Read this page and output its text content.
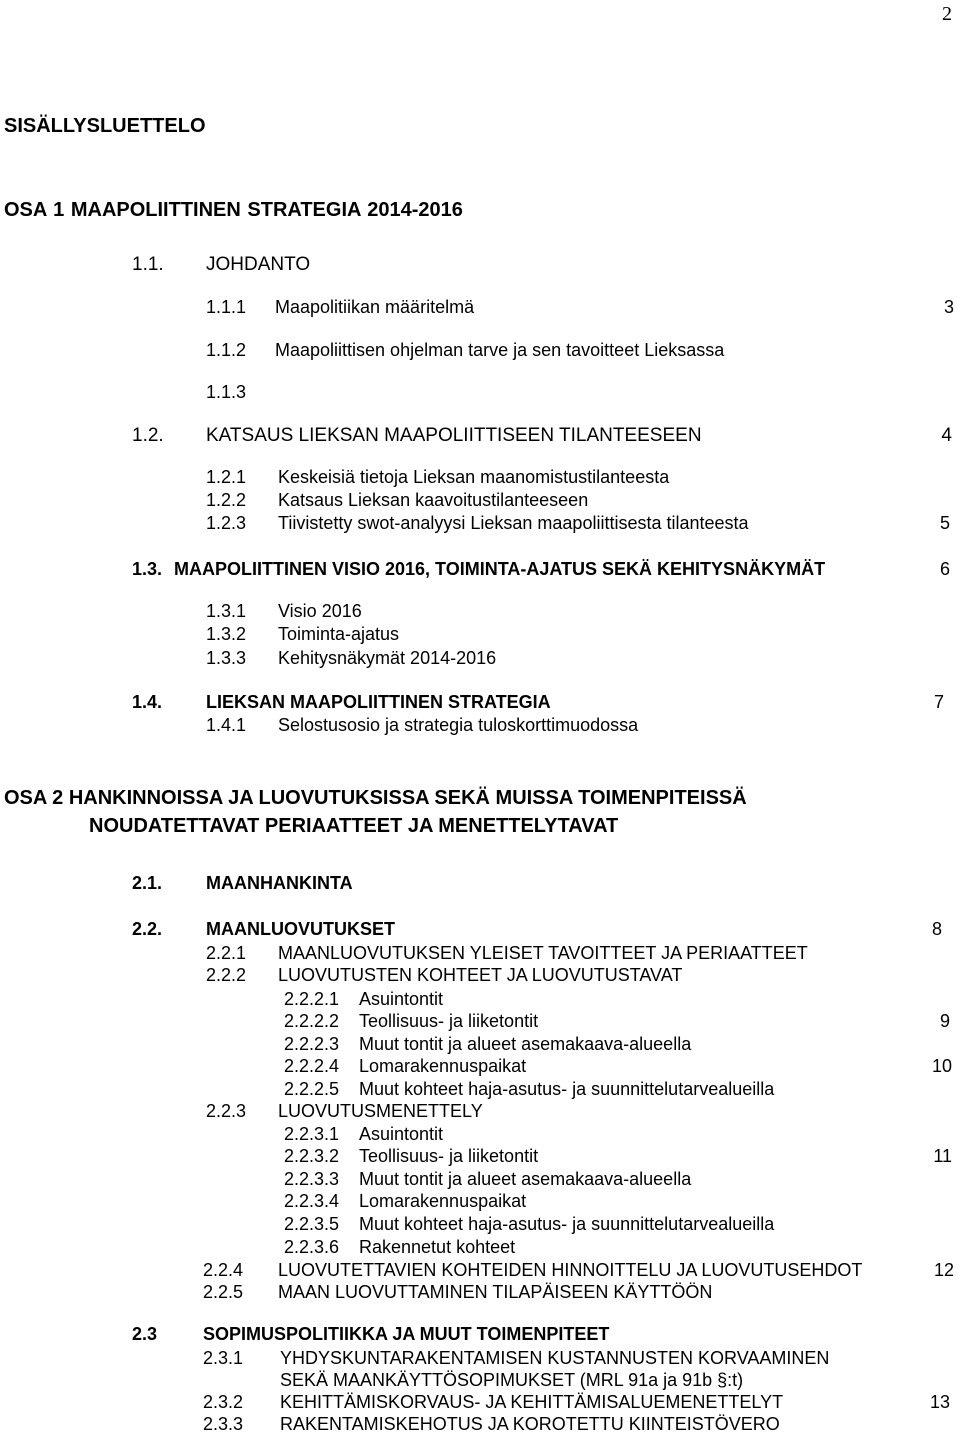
2
SISÄLLYSLUETTELO
OSA 1 MAAPOLIITTINEN STRATEGIA 2014-2016
1.1. JOHDANTO
1.1.1 Maapolitiikan määritelmä	3
1.1.2 Maapoliittisen ohjelman tarve ja sen tavoitteet Lieksassa
1.1.3
1.2. KATSAUS LIEKSAN MAAPOLIITTISEEN TILANTEESEEN	4
1.2.1 Keskeisiä tietoja Lieksan maanomistustilanteesta
1.2.2 Katsaus Lieksan kaavoitustilanteeseen
1.2.3 Tiivistetty swot-analyysi Lieksan maapoliittisesta tilanteesta	5
1.3. MAAPOLIITTINEN VISIO 2016, TOIMINTA-AJATUS SEKÄ KEHITYSNÄKYMÄT	6
1.3.1 Visio 2016
1.3.2 Toiminta-ajatus
1.3.3 Kehitysnäkymät 2014-2016
1.4. LIEKSAN MAAPOLIITTINEN STRATEGIA	7
1.4.1 Selostusosio ja strategia tuloskorttimuodossa
OSA 2 HANKINNOISSA JA LUOVUTUKSISSA SEKÄ MUISSA TOIMENPITEISSÄ
NOUDATETTAVAT PERIAATTEET JA MENETTELYTAVAT
2.1. MAANHANKINTA
2.2. MAANLUOVUTUKSET	8
2.2.1 MAANLUOVUTUKSEN YLEISET TAVOITTEET JA PERIAATTEET
2.2.2 LUOVUTUSTEN KOHTEET JA LUOVUTUSTAVAT
2.2.2.1 Asuintontit
2.2.2.2 Teollisuus- ja liiketontit	9
2.2.2.3 Muut tontit ja alueet asemakaava-alueella
2.2.2.4 Lomarakennuspaikat	10
2.2.2.5 Muut kohteet haja-asutus- ja suunnittelutarvealueilla
2.2.3 LUOVUTUSMENETTELY
2.2.3.1 Asuintontit
2.2.3.2 Teollisuus- ja liiketontit	11
2.2.3.3 Muut tontit ja alueet asemakaava-alueella
2.2.3.4 Lomarakennuspaikat
2.2.3.5 Muut kohteet haja-asutus- ja suunnittelutarvealueilla
2.2.3.6 Rakennetut kohteet
2.2.4 LUOVUTETTAVIEN KOHTEIDEN HINNOITTELU JA LUOVUTUSEHDOT	12
2.2.5 MAAN LUOVUTTAMINEN TILAPÄISEEN KÄYTTÖÖN
2.3	SOPIMUSPOLITIIKKA JA MUUT TOIMENPITEET
2.3.1 YHDYSKUNTARAKENTAMISEN KUSTANNUSTEN KORVAAMINEN
SEKÄ MAANKÄYTTÖSOPIMUKSET (MRL 91a ja 91b §:t)
2.3.2 KEHITTÄMISKORVAUS- JA KEHITTÄMISALUEMENETTELYT	13
2.3.3 RAKENTAMISKEHOTUS JA KOROTETTU KIINTEISTÖVERO
